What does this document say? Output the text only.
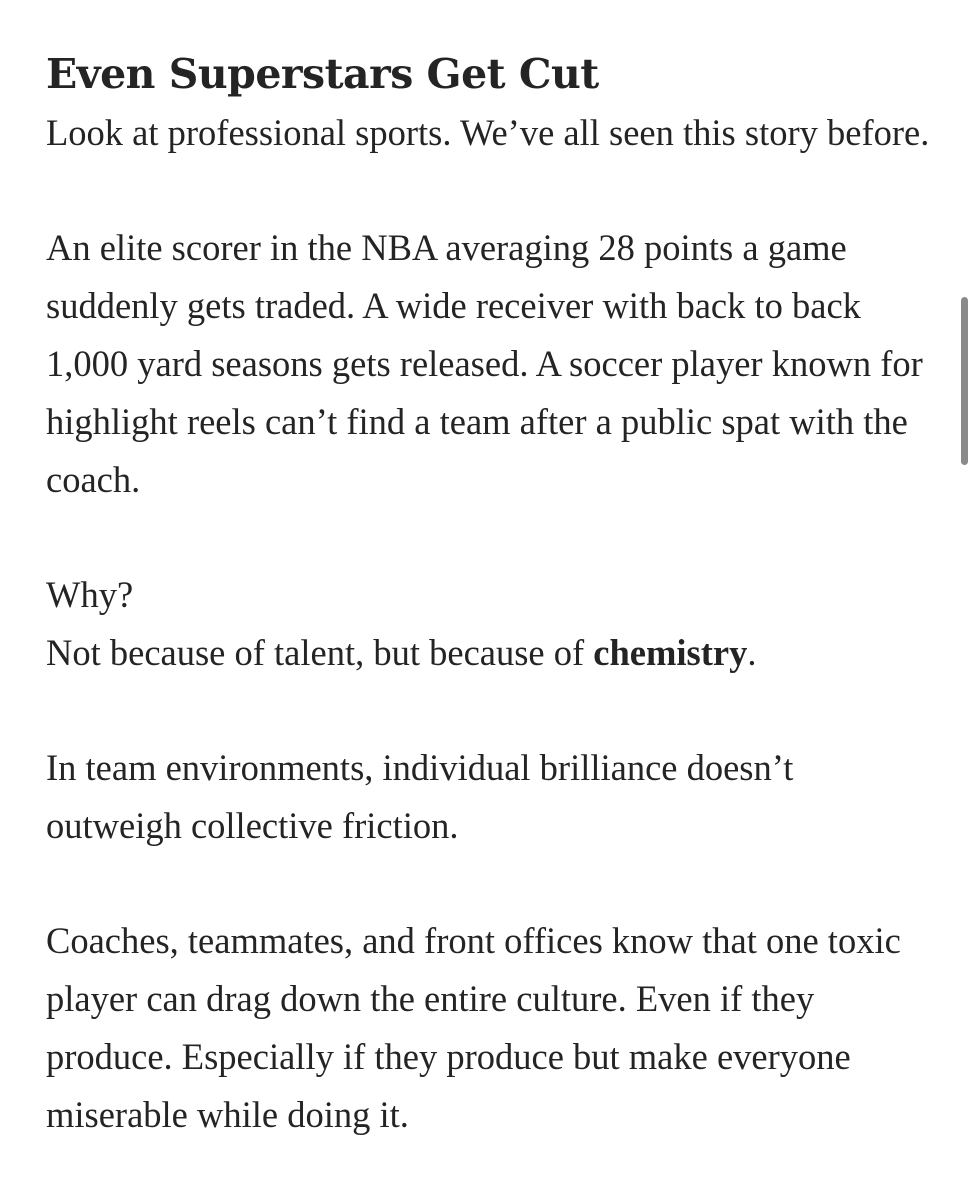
Even Superstars Get Cut

Look at professional sports. We’ve all seen this story before.

An elite scorer in the NBA averaging 28 points a game suddenly gets traded. A wide receiver with back to back 1,000 yard seasons gets released. A soccer player known for highlight reels can’t find a team after a public spat with the coach.

Why?
Not because of talent, but because of chemistry.

In team environments, individual brilliance doesn’t outweigh collective friction.

Coaches, teammates, and front offices know that one toxic player can drag down the entire culture. Even if they produce. Especially if they produce but make everyone miserable while doing it.
